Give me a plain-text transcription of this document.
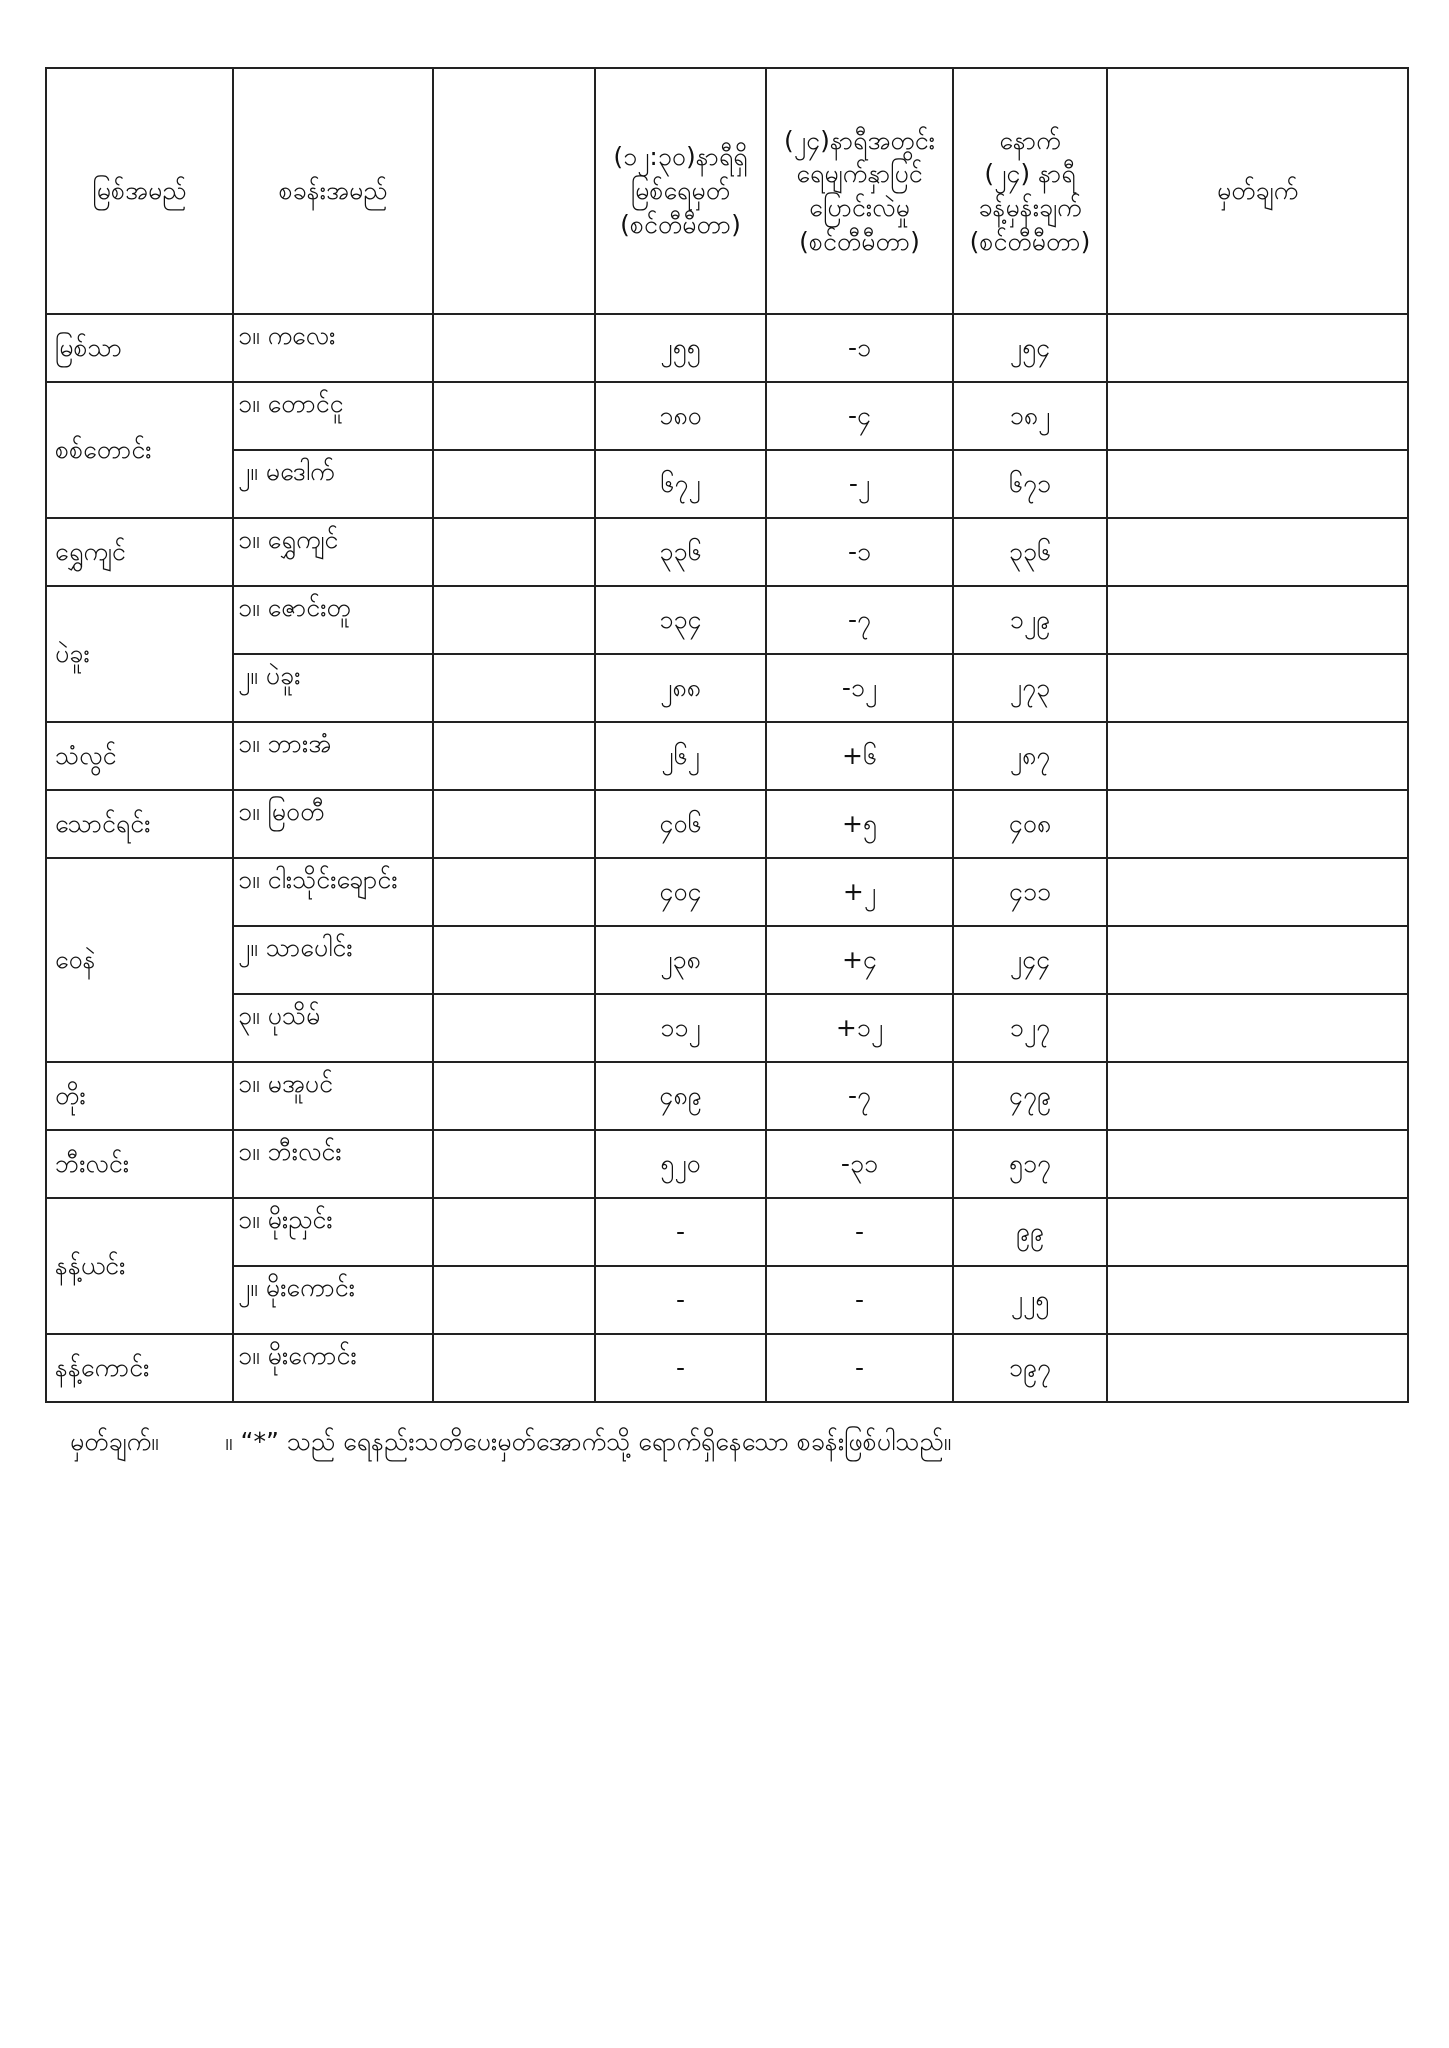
မြစ်အမည်	စခန်းအမည်		(၁၂:၃၀)နာရီရှိ
မြစ်ရေမှတ်
(စင်တီမီတာ)	(၂၄)နာရီအတွင်း
ရေမျက်နှာပြင်
ပြောင်းလဲမှု
(စင်တီမီတာ)	နောက်
(၂၄) နာရီ
ခန့်မှန်းချက်
(စင်တီမီတာ)	မှတ်ချက်
မြစ်သာ	၁။ ကလေး		၂၅၅	-၁	၂၅၄	
စစ်တောင်း	၁။ တောင်ငူ		၁၈၀	-၄	၁၈၂	
	၂။ မဒေါက်		၆၇၂	-၂	၆၇၁	
ရွှေကျင်	၁။ ရွှေကျင်		၃၃၆	-၁	၃၃၆	
ပဲခူး	၁။ ဇောင်းတူ		၁၃၄	-၇	၁၂၉	
	၂။ ပဲခူး		၂၈၈	-၁၂	၂၇၃	
သံလွင်	၁။ ဘားအံ		၂၆၂	+၆	၂၈၇	
သောင်ရင်း	၁။ မြဝတီ		၄၀၆	+၅	၄၀၈	
ဝေနဲ	၁။ ငါးသိုင်းချောင်း		၄၀၄	+၂	၄၁၁	
	၂။ သာပေါင်း		၂၃၈	+၄	၂၄၄	
	၃။ ပုသိမ်		၁၁၂	+၁၂	၁၂၇	
တိုး	၁။ မအူပင်		၄၈၉	-၇	၄၇၉	
ဘီးလင်း	၁။ ဘီးလင်း		၅၂၀	-၃၁	၅၁၇	
နန့်ယင်း	၁။ မိုးညှင်း		-	-	၉၉	
	၂။ မိုးကောင်း		-	-	၂၂၅	
နန့်ကောင်း	၁။ မိုးကောင်း		-	-	၁၉၇	
မှတ်ချက်။	။ “*” သည် ရေနည်းသတိပေးမှတ်အောက်သို့ ရောက်ရှိနေသော စခန်းဖြစ်ပါသည်။
